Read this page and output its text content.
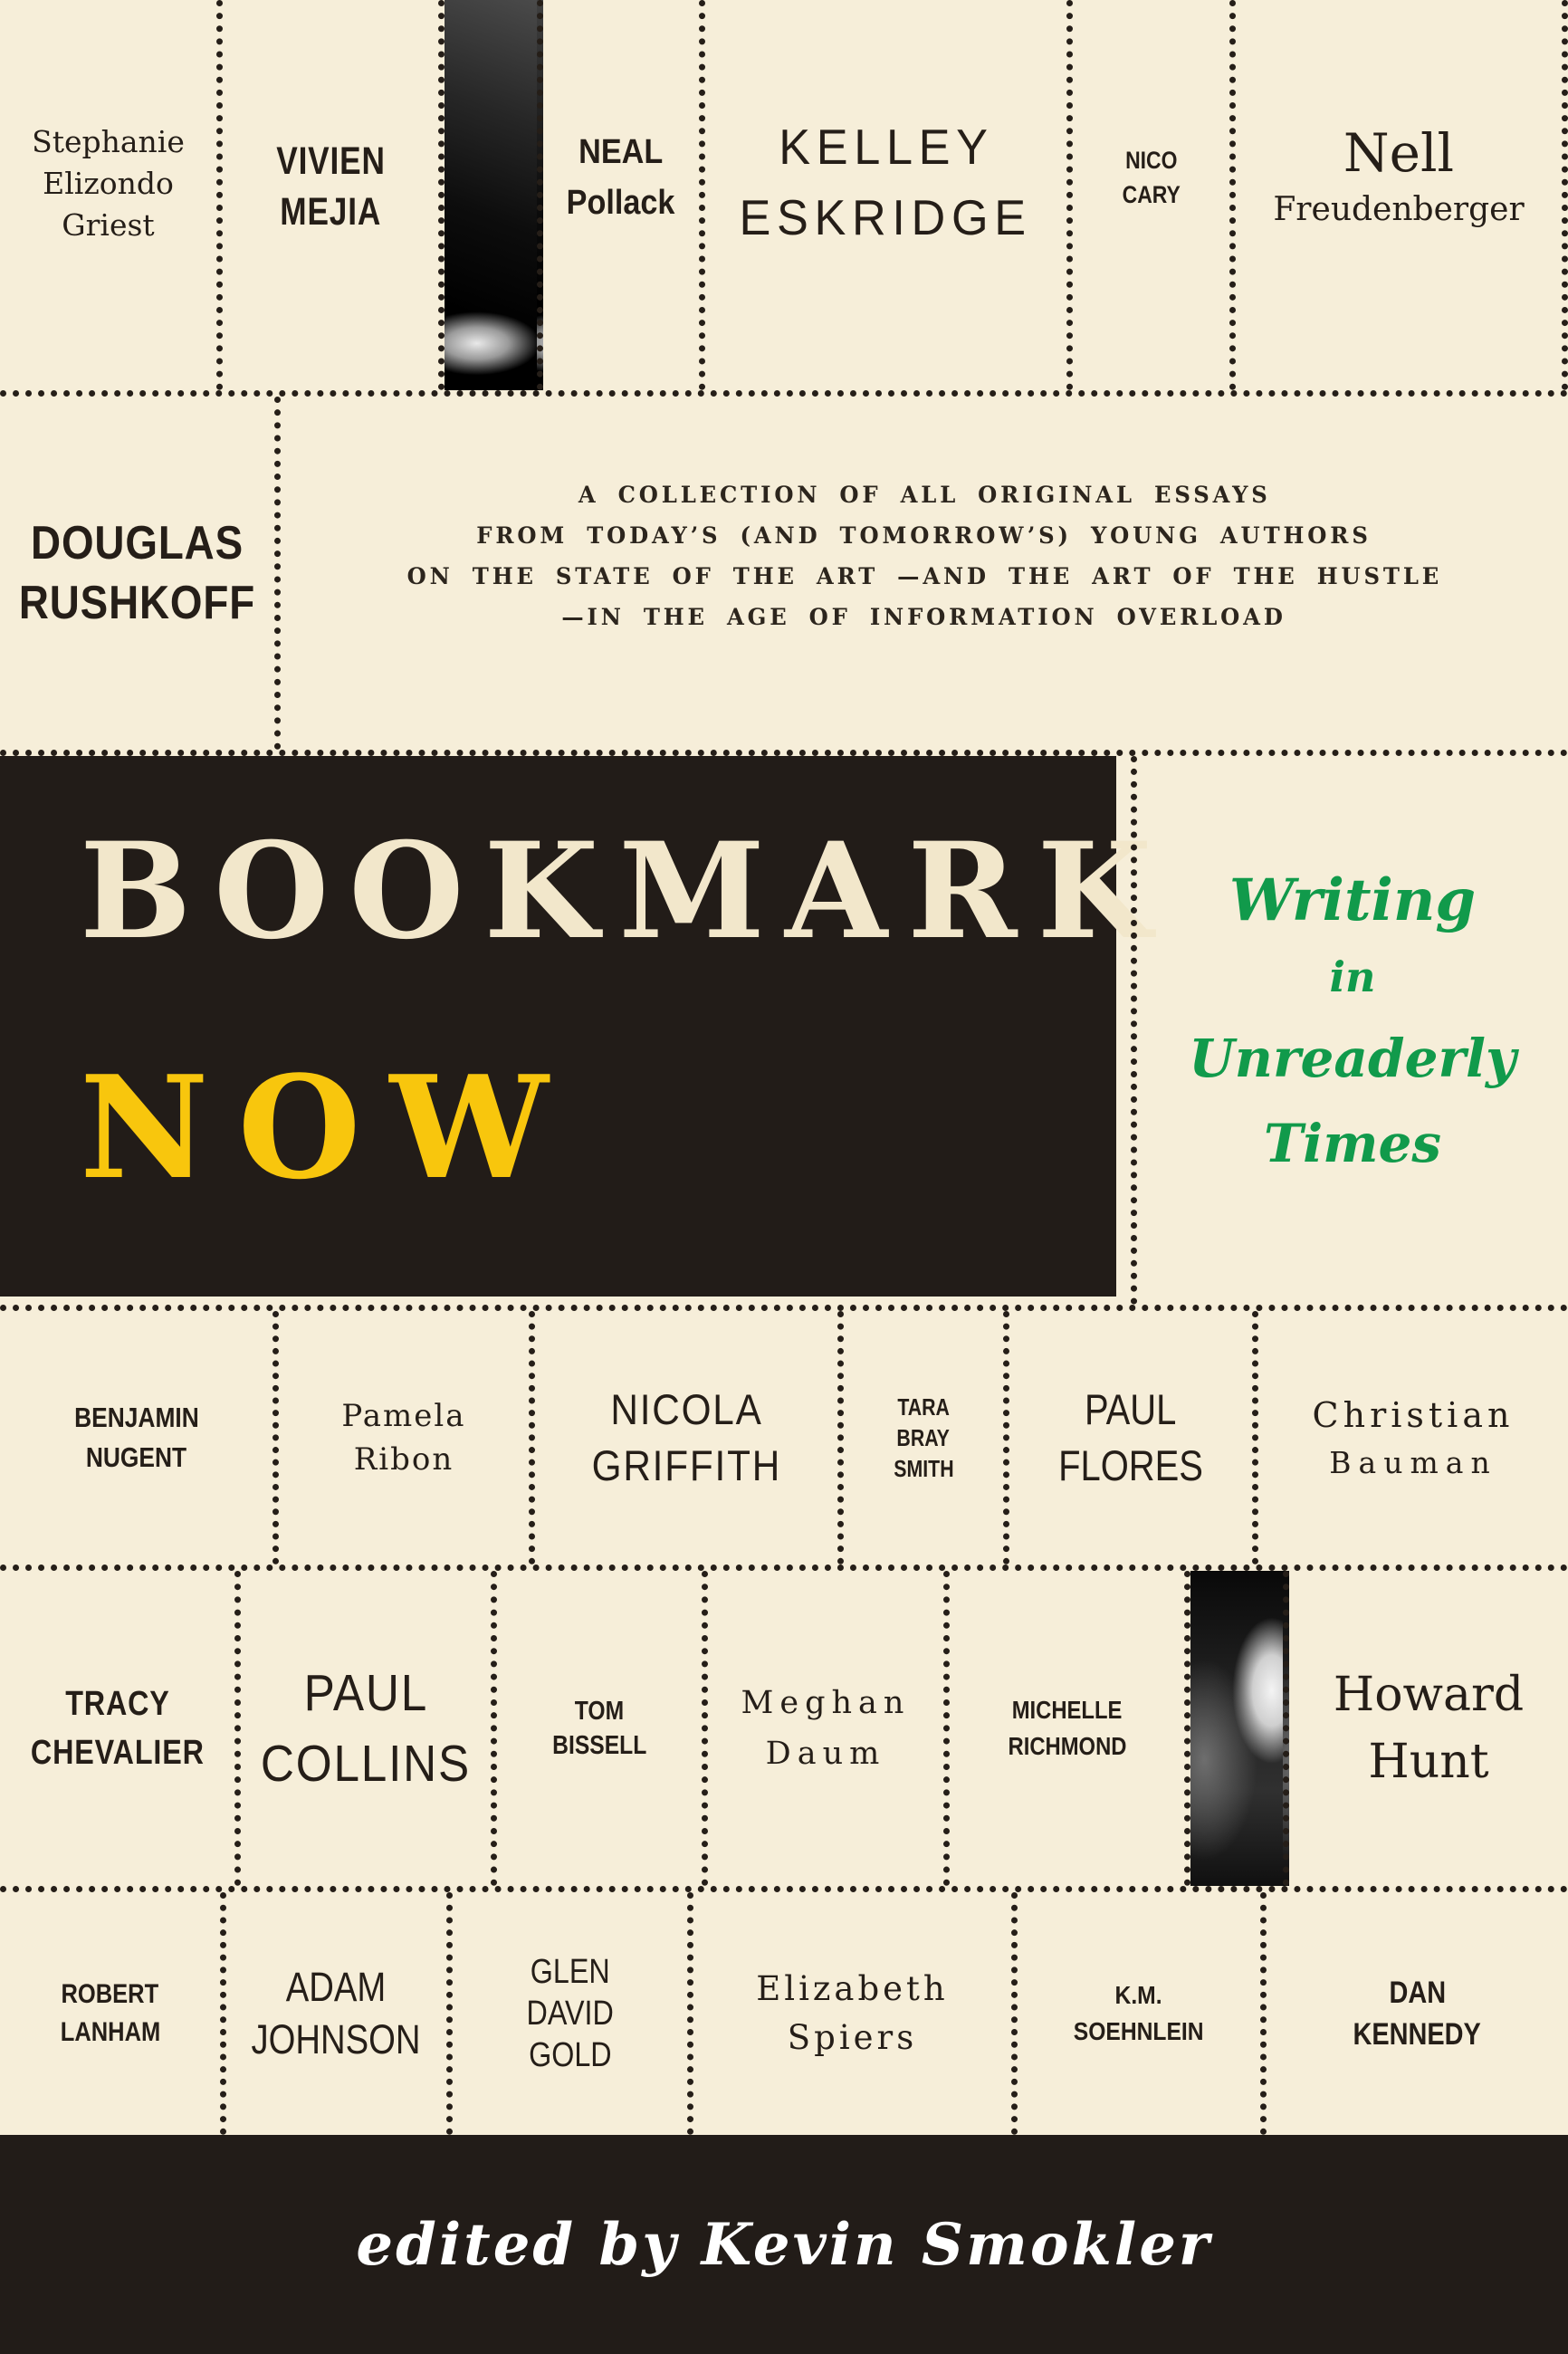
Stephanie
Elizondo
Griest
VIVIEN
MEJIA
NEAL
Pollack
KELLEY
ESKRIDGE
NICO
CARY
Nell
Freudenberger
DOUGLAS
RUSHKOFF
A COLLECTION OF ALL ORIGINAL ESSAYS
FROM TODAY’S (AND TOMORROW’S) YOUNG AUTHORS
ON THE STATE OF THE ART —AND THE ART OF THE HUSTLE
—IN THE AGE OF INFORMATION OVERLOAD
BOOKMARK
NOW
Writing
in
Unreaderly
Times
BENJAMIN
NUGENT
Pamela
Ribon
NICOLA
GRIFFITH
TARA
BRAY
SMITH
PAUL
FLORES
Christian
Bauman
TRACY
CHEVALIER
PAUL
COLLINS
TOM
BISSELL
Meghan
Daum
MICHELLE
RICHMOND
Howard
Hunt
ROBERT
LANHAM
ADAM
JOHNSON
GLEN
DAVID
GOLD
Elizabeth
Spiers
K.M.
SOEHNLEIN
DAN
KENNEDY
edited by Kevin Smokler
